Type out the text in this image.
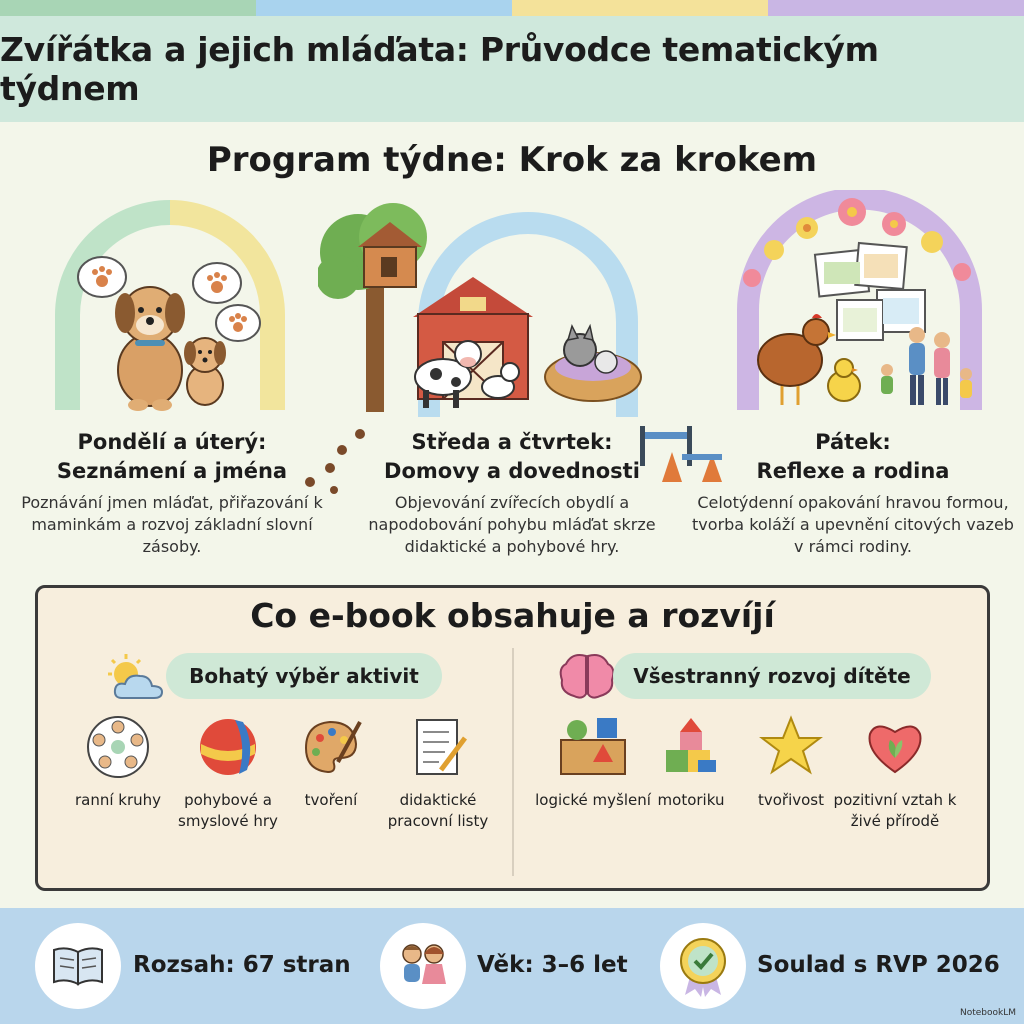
Zvířátka a jejich mláďata: Průvodce tematickým týdnem
Program týdne: Krok za krokem
Pondělí a úterý:
Seznámení a jména
Poznávání jmen mláďat, přiřazování k maminkám a rozvoj základní slovní zásoby.
Středa a čtvrtek:
Domovy a dovednosti
Objevování zvířecích obydlí a napodobování pohybu mláďat skrze didaktické a pohybové hry.
Pátek:
Reflexe a rodina
Celotýdenní opakování hravou formou, tvorba koláží a upevnění citových vazeb v rámci rodiny.
Co e-book obsahuje a rozvíjí
Bohatý výběr aktivit	Všestranný rozvoj dítěte
ranní kruhy	pohybové a smyslové hry
tvoření	didaktické pracovní listy
logické myšlení motoriku	tvořivost pozitivní vztah k živé přírodě
Rozsah: 67 stran	Věk: 3–6 let	Soulad s RVP 2026
NotebookLM
